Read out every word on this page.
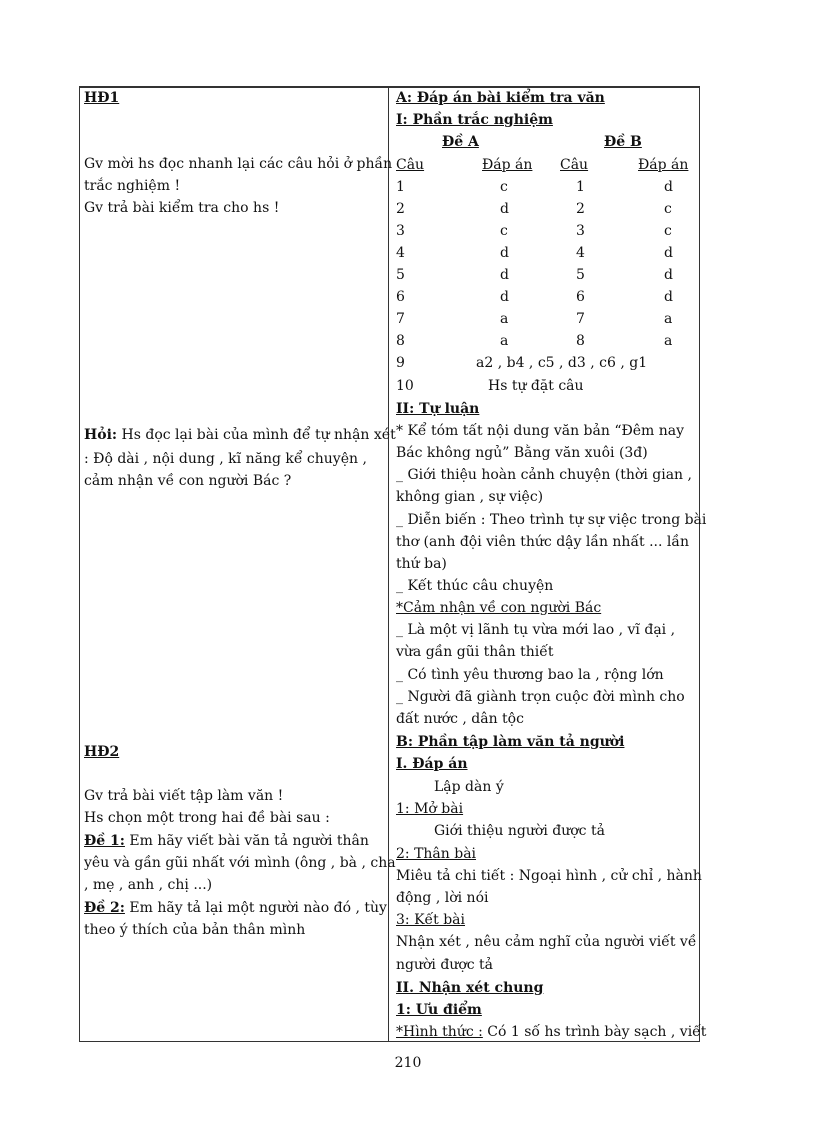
HĐ1
Gv mời hs đọc nhanh lại các câu hỏi ở phần
trắc nghiệm !
Gv trả bài kiểm tra cho hs !
Hỏi: Hs đọc lại bài của mình để tự nhận xét
: Độ dài , nội dung , kĩ năng kể chuyện ,
cảm nhận về con người Bác ?
HĐ2
Gv trả bài viết tập làm văn !
Hs chọn một trong hai đề bài sau :
Đề 1: Em hãy viết bài văn tả người thân
yêu và gần gũi nhất với mình (ông , bà , cha
, mẹ , anh , chị ...)
Đề 2: Em hãy tả lại một người nào đó , tùy
theo ý thích của bản thân mình
A: Đáp án bài kiểm tra văn
I: Phần trắc nghiệm
Đề A	Đề B
Câu	Đáp án Câu	Đáp án
1	c	1	d
2	d	2	c
3	c	3	c
4	d	4	d
5	d	5	d
6	d	6	d
7	a	7	a
8	a	8	a
9	a2 , b4 , c5 , d3 , c6 , g1
10	Hs tự đặt câu
II: Tự luận
* Kể tóm tất nội dung văn bản “Đêm nay
Bác không ngủ” Bằng văn xuôi (3đ)
_ Giới thiệu hoàn cảnh chuyện (thời gian ,
không gian , sự việc)
_ Diễn biến : Theo trình tự sự việc trong bài
thơ (anh đội viên thức dậy lần nhất ... lần
thứ ba)
_ Kết thúc câu chuyện
*Cảm nhận về con người Bác
_ Là một vị lãnh tụ vừa mới lao , vĩ đại ,
vừa gần gũi thân thiết
_ Có tình yêu thương bao la , rộng lớn
_ Người đã giành trọn cuộc đời mình cho
đất nước , dân tộc
B: Phần tập làm văn tả người
I. Đáp án
Lập dàn ý
1: Mở bài
Giới thiệu người được tả
2: Thân bài
Miêu tả chi tiết : Ngoại hình , cử chỉ , hành
động , lời nói
3: Kết bài
Nhận xét , nêu cảm nghĩ của người viết về
người được tả
II. Nhận xét chung
1: Ưu điểm
*Hình thức : Có 1 số hs trình bày sạch , viết
210
